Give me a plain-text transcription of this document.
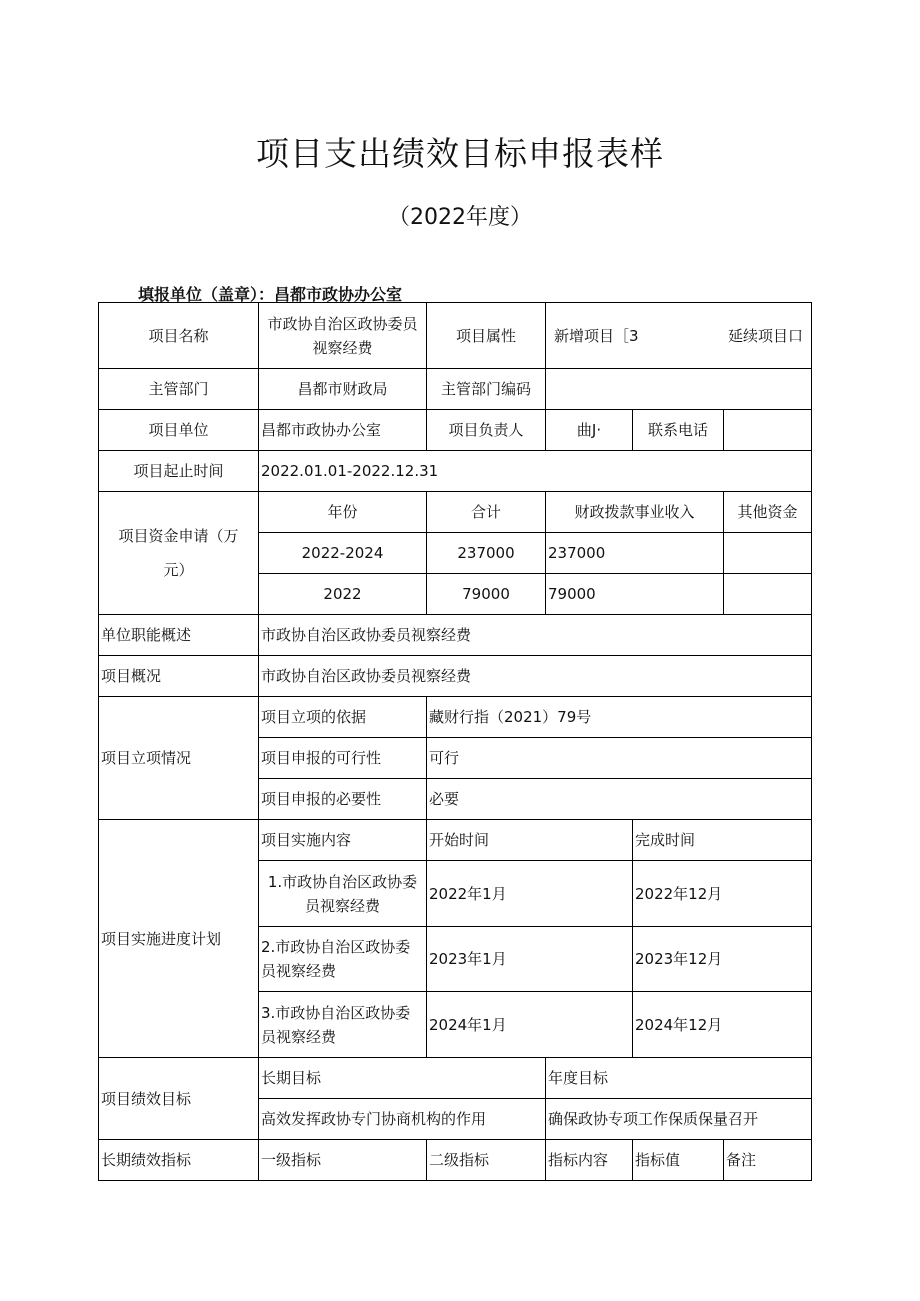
项目支出绩效目标申报表样
（2022年度）
填报单位（盖章）：昌都市政协办公室
项目名称	市政协自治区政协委员视察经费	项目属性	新增项目［3 延续项目口		

主管部门	昌都市财政局	主管部门编码			
项目单位	昌都市政协办公室	项目负责人	曲J·	联系电话	
项目起止时间	2022.01.01-2022.12.31				
项目资金申请（万元）	年份	合计	财政拨款事业收入		其他资金
	2022-2024	237000	237000		
	2022	79000	79000		
单位职能概述	市政协自治区政协委员视察经费				
项目概况	市政协自治区政协委员视察经费				
项目立项情况	项目立项的依据	藏财行指（2021）79号			
	项目申报的可行性	可行			
	项目申报的必要性	必要			
项目实施进度计划	项目实施内容	开始时间		完成时间	
	1.市政协自治区政协委员视察经费	2022年1月		2022年12月	
	2.市政协自治区政协委员视察经费	2023年1月		2023年12月	
	3.市政协自治区政协委员视察经费	2024年1月		2024年12月	
项目绩效目标	长期目标		年度目标		
	高效发挥政协专门协商机构的作用		确保政协专项工作保质保量召开		
长期绩效指标	一级指标	二级指标	指标内容	指标值	备注
